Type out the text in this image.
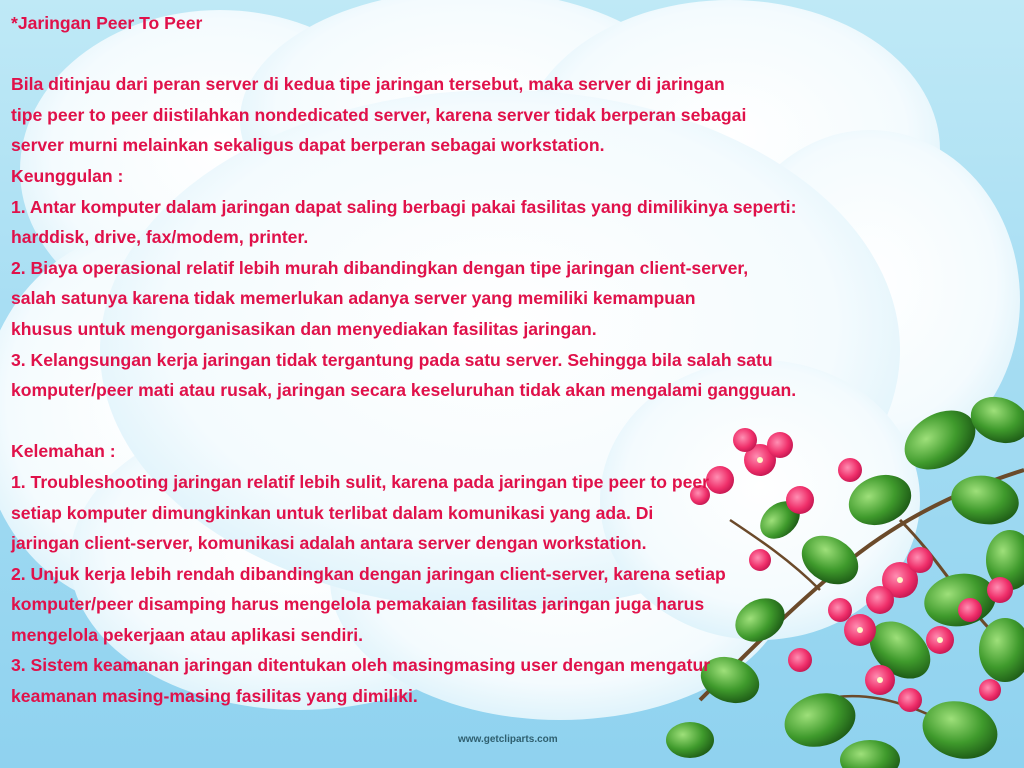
*Jaringan Peer To Peer

Bila ditinjau dari peran server di kedua tipe jaringan tersebut, maka server di jaringan

tipe peer to peer diistilahkan nondedicated server, karena server tidak berperan sebagai

server murni melainkan sekaligus dapat berperan sebagai workstation.

Keunggulan :

1. Antar komputer dalam jaringan dapat saling berbagi pakai fasilitas yang dimilikinya seperti:

harddisk, drive, fax/modem, printer.

2. Biaya operasional relatif lebih murah dibandingkan dengan tipe jaringan client-server,

salah satunya karena tidak memerlukan adanya server yang memiliki kemampuan

khusus untuk mengorganisasikan dan menyediakan fasilitas jaringan.

3. Kelangsungan kerja jaringan tidak tergantung pada satu server. Sehingga bila salah satu

komputer/peer mati atau rusak, jaringan secara keseluruhan tidak akan mengalami gangguan.

Kelemahan :

1. Troubleshooting jaringan relatif lebih sulit, karena pada jaringan tipe peer to peer

setiap komputer dimungkinkan untuk terlibat dalam komunikasi yang ada. Di

jaringan client-server, komunikasi adalah antara server dengan workstation.

2. Unjuk kerja lebih rendah dibandingkan dengan jaringan client-server, karena setiap

komputer/peer disamping harus mengelola pemakaian fasilitas jaringan juga harus

mengelola pekerjaan atau aplikasi sendiri.

3. Sistem keamanan jaringan ditentukan oleh masingmasing user dengan mengatur

keamanan masing-masing fasilitas yang dimiliki.

www.getcliparts.com
